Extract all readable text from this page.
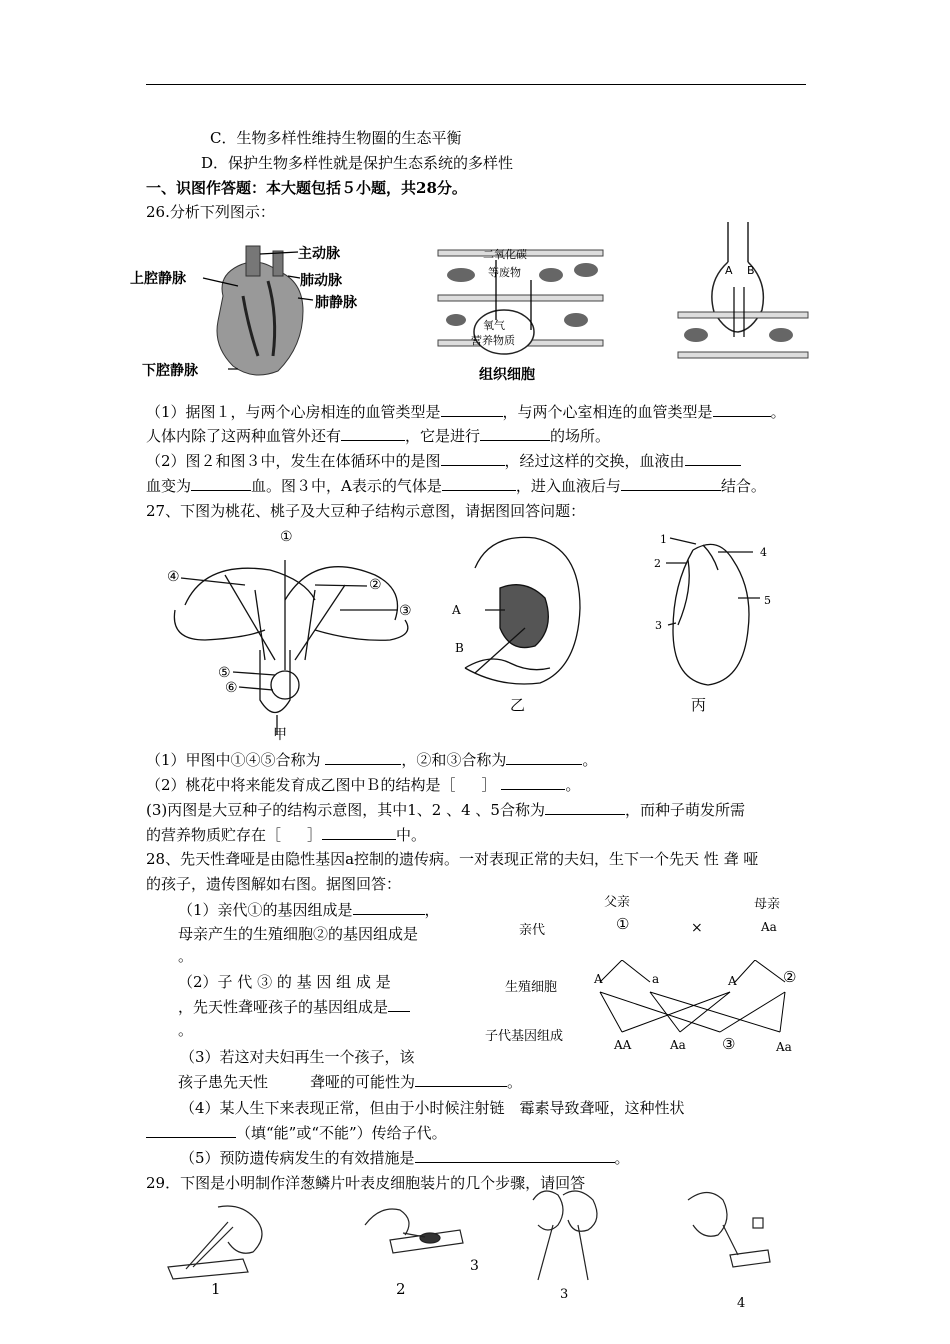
C．生物多样性维持生物圈的生态平衡
D．保护生物多样性就是保护生态系统的多样性
一、识图作答题：本大题包括５小题，共28分。
26.分析下列图示：
主动脉
上腔静脉	肺动脉
肺静脉
下腔静脉
二氧化碳
等废物
氧气
营养物质
组织细胞
A B
（1）据图１，与两个心房相连的血管类型是	，与两个心室相连的血管类型是	。
人体内除了这两种血管外还有	，它是进行	的场所。
（2）图２和图３中，发生在体循环中的是图	，经过这样的交换，血液由
血变为	血。图３中，A表示的气体是	，进入血液后与	结合。
27、下图为桃花、桃子及大豆种子结构示意图，请据图回答问题：
①
②
③
④
⑤
⑥
甲
A
B
乙
1
2
3
4
5
丙
（1）甲图中①④⑤合称为	，②和③合称为	。
（2）桃花中将来能发育成乙图中Ｂ的结构是［ ］	。
(3)丙图是大豆种子的结构示意图，其中1、2 、4 、5合称为	，而种子萌发所需
的营养物质贮存在［ ］	中。
28、先天性聋哑是由隐性基因a控制的遗传病。一对表现正常的夫妇，生下一个先天 性 聋 哑
的孩子，遗传图解如右图。据图回答：
（1）亲代①的基因组成是	，
母亲产生的生殖细胞②的基因组成是
。
（2）子 代 ③ 的 基 因 组 成 是
，先天性聋哑孩子的基因组成是
。
（3）若这对夫妇再生一个孩子，该
孩子患先天性	聋哑的可能性为	。
（4）某人生下来表现正常，但由于小时候注射链　霉素导致聋哑，这种性状
（填“能”或“不能”）传给子代。
（5）预防遗传病发生的有效措施是	。
父亲	母亲
亲代	①	×	Aa
生殖细胞
A	a	A	②
子代基因组成
AA	Aa ③	Aa
29．下图是小明制作洋葱鳞片叶表皮细胞装片的几个步骤，请回答
1	2	3
4
3
